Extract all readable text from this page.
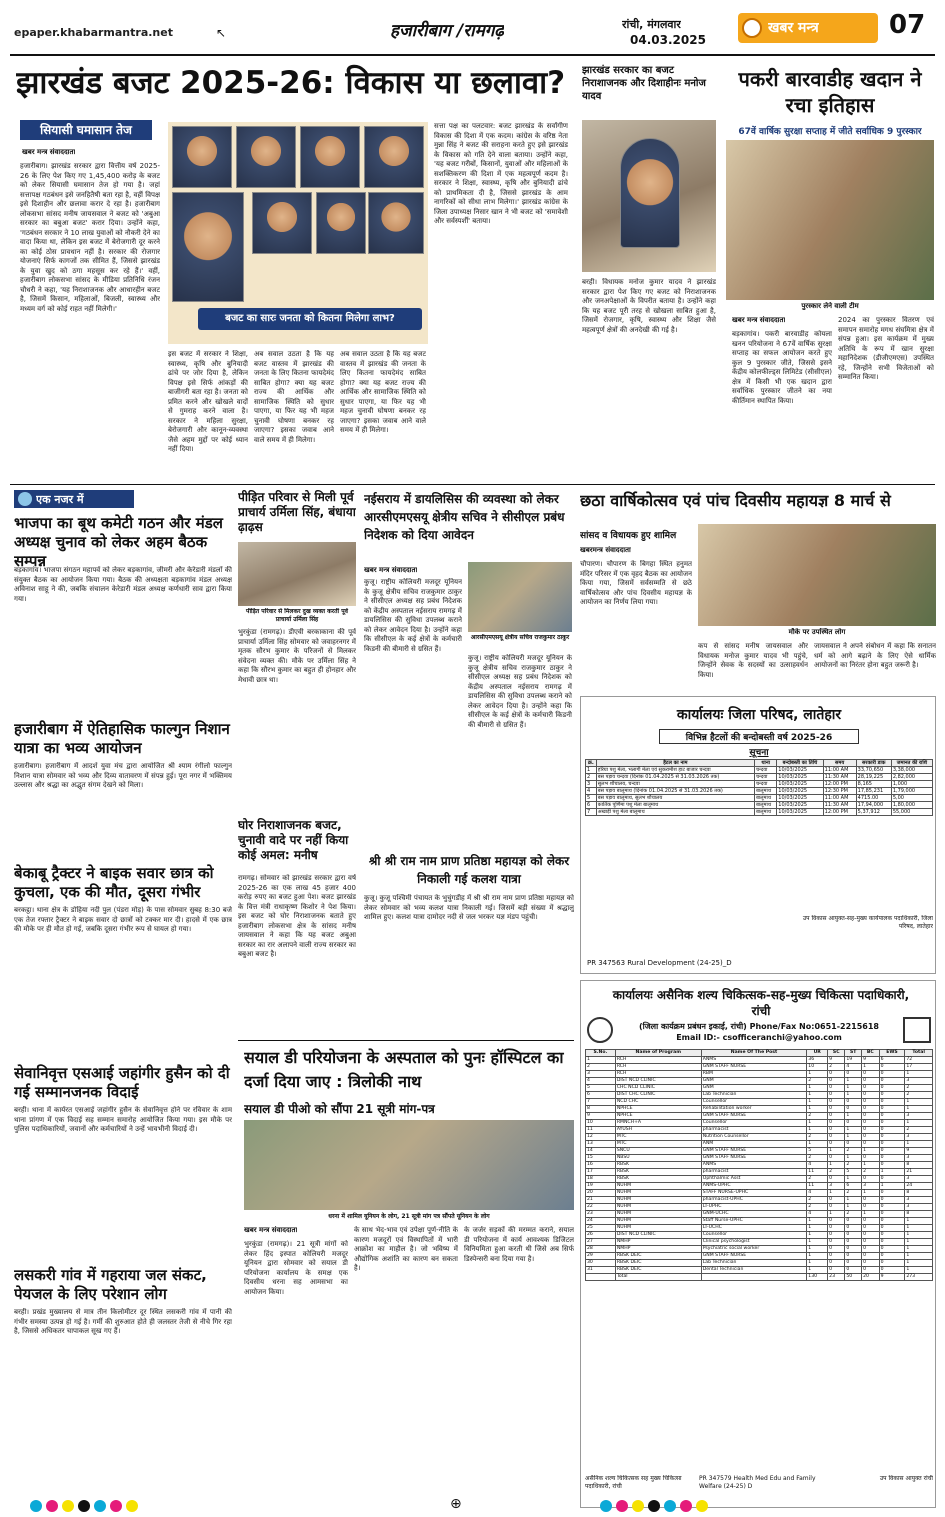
epaper.khabarmantra.net	↖	हजारीबाग /रामगढ़	रांची, मंगलवार
04.03.2025
खबर मन्त्र	07
झारखंड बजट 2025-26: विकास या छलावा?
सियासी घमासान तेज
खबर मन्त्र संवाददाता
हजारीबाग। झारखंड सरकार द्वारा वित्तीय वर्ष 2025-26 के लिए पेश किए गए 1,45,400 करोड़ के बजट को लेकर सियासी घमासान तेज हो गया है। जहां सत्तापक्ष गठबंधन इसे जनहितैषी बता रहा है, वहीं विपक्ष इसे दिशाहीन और छलावा करार दे रहा है। हजारीबाग लोकसभा सांसद मनीष जायसवाल ने बजट को 'अबुआ सरकार का बबुआ बजट' करार दिया। उन्होंने कहा, 'गठबंधन सरकार ने 10 लाख युवाओं को नौकरी देने का वादा किया था, लेकिन इस बजट में बेरोजगारी दूर करने का कोई ठोस प्रावधान नहीं है। सरकार की रोजगार योजनाएं सिर्फ कागजों तक सीमित हैं, जिससे झारखंड के युवा खुद को ठगा महसूस कर रहे हैं।' वहीं, हजारीबाग लोकसभा सांसद के मीडिया प्रतिनिधि रंजन चौधरी ने कहा, 'यह निराशाजनक और आधारहीन बजट है, जिसमें किसान, महिलाओं, बिजली, स्वास्थ्य और मध्यम वर्ग को कोई राहत नहीं मिलेगी।'
बजट का सारः जनता को कितना मिलेगा लाभ?
इस बजट में सरकार ने शिक्षा, स्वास्थ्य, कृषि और बुनियादी ढांचे पर जोर दिया है, लेकिन विपक्ष इसे सिर्फ आंकड़ों की बाजीगरी बता रहा है। जनता को प्रमित करने और खोखले वादों से गुमराह करने वाला है। सरकार ने महिला सुरक्षा, बेरोजगारी और कानून-व्यवस्था जैसे अहम मुद्दों पर कोई ध्यान नहीं दिया।
अब सवाल उठता है कि यह बजट वास्तव में झारखंड की जनता के लिए कितना फायदेमंद साबित होगा? क्या यह बजट राज्य की आर्थिक और सामाजिक स्थिति को सुधार पाएगा, या फिर यह भी महज चुनावी घोषणा बनकर रह जाएगा? इसका जवाब आने वाले समय में ही मिलेगा।
अब सवाल उठता है कि यह बजट वास्तव में झारखंड की जनता के लिए कितना फायदेमंद साबित होगा? क्या यह बजट राज्य की आर्थिक और सामाजिक स्थिति को सुधार पाएगा, या फिर यह भी महज चुनावी घोषणा बनकर रह जाएगा? इसका जवाब आने वाले समय में ही मिलेगा।
सत्ता पक्ष का पलटवार: बजट झारखंड के सर्वांगीण विकास की दिशा में एक कदम। कांग्रेस के वरिष्ठ नेता मुन्ना सिंह ने बजट की सराहना करते हुए इसे झारखंड के विकास को गति देने वाला बताया। उन्होंने कहा, 'यह बजट गरीबों, किसानों, युवाओं और महिलाओं के सशक्तिकरण की दिशा में एक महत्वपूर्ण कदम है। सरकार ने शिक्षा, स्वास्थ्य, कृषि और बुनियादी ढांचे को प्राथमिकता दी है, जिससे झारखंड के आम नागरिकों को सीधा लाभ मिलेगा।' झारखंड कांग्रेस के जिला उपाध्यक्ष निसार खान ने भी बजट को 'समावेशी और सर्वस्पर्शी' बताया।
झारखंड सरकार का बजट निराशाजनक और दिशाहीनः मनोज यादव
बरही। विधायक मनोज कुमार यादव ने झारखंड सरकार द्वारा पेश किए गए बजट को निराशाजनक और जनअपेक्षाओं के विपरीत बताया है। उन्होंने कहा कि यह बजट पूरी तरह से खोखला साबित हुआ है, जिसमें रोजगार, कृषि, स्वास्थ्य और शिक्षा जैसे महत्वपूर्ण क्षेत्रों की अनदेखी की गई है।
पकरी बारवाडीह खदान ने रचा इतिहास
67वें वार्षिक सुरक्षा सप्ताह में जीते सर्वाधिक 9 पुरस्कार
पुरस्कार लेने वाली टीम
खबर मन्त्र संवाददाता
बड़कागांव। पकरी बारवाडीह कोयला खनन परियोजना ने 67वें वार्षिक सुरक्षा सप्ताह का सफल आयोजन करते हुए कुल 9 पुरस्कार जीते, जिससे इसने केंद्रीय कोलफील्ड्स लिमिटेड (सीसीएल) क्षेत्र में किसी भी एक खदान द्वारा सर्वाधिक पुरस्कार जीतने का नया कीर्तिमान स्थापित किया।
2024 का पुरस्कार वितरण एवं समापन समारोह मगध संघमित्रा क्षेत्र में संपन्न हुआ। इस कार्यक्रम में मुख्य अतिथि के रूप में खान सुरक्षा महानिदेशक (डीजीएमएस) उपस्थित रहे, जिन्होंने सभी विजेताओं को सम्मानित किया।
एक नजर में
भाजपा का बूथ कमेटी गठन और मंडल अध्यक्ष चुनाव को लेकर अहम बैठक सम्पन्न
बड़कागांव। भाजपा संगठन महापर्व को लेकर बड़कागांव, जीमरी और केरेडारी मंडलों की संयुक्त बैठक का आयोजन किया गया। बैठक की अध्यक्षता बड़कागांव मंडल अध्यक्ष अविनाश साहू ने की, जबकि संचालन केरेडारी मंडल अध्यक्ष कर्णधारी साव द्वारा किया गया।
हजारीबाग में ऐतिहासिक फाल्गुन निशान यात्रा का भव्य आयोजन
हजारीबाग। हजारीबाग में आदर्श युवा मंच द्वारा आयोजित श्री श्याम रंगीलो फाल्गुन निशान यात्रा सोमवार को भव्य और दिव्य वातावरण में संपन्न हुई। पूरा नगर में भक्तिमय उल्लास और श्रद्धा का अद्भुत संगम देखने को मिला।
बेकाबू ट्रैक्टर ने बाइक सवार छात्र को कुचला, एक की मौत, दूसरा गंभीर
बरकट्ठा। थाना क्षेत्र के डोहिया नदी पुल (पंडरा मोड़) के पास सोमवार सुबह 8:30 बजे एक तेज रफ्तार ट्रैक्टर ने बाइक सवार दो छात्रों को टक्कर मार दी। हादसे में एक छात्र की मौके पर ही मौत हो गई, जबकि दूसरा गंभीर रूप से घायल हो गया।
सेवानिवृत्त एसआई जहांगीर हुसैन को दी गई सम्मानजनक विदाई
बरही। थाना में कार्यरत एसआई जहांगीर हुसैन के सेवानिवृत्त होने पर रविवार के शाम थाना प्रांगण में एक विदाई सह सम्मान समारोह आयोजित किया गया। इस मौके पर पुलिस पदाधिकारियों, जवानों और कर्मचारियों ने उन्हें भावभीनी विदाई दी।
लसकरी गांव में गहराया जल संकट, पेयजल के लिए परेशान लोग
बरही। प्रखंड मुख्यालय से मात्र तीन किलोमीटर दूर स्थित लसकरी गांव में पानी की गंभीर समस्या उत्पन्न हो गई है। गर्मी की शुरुआत होते ही जलस्तर तेजी से नीचे गिर रहा है, जिससे अधिकतर चापाकल सूख गए हैं।
पीड़ित परिवार से मिली पूर्व प्राचार्य उर्मिला सिंह, बंधाया ढ़ाढ़स
पीड़ित परिवार से मिलकर दुख व्यक्त करतीं पूर्व प्राचार्या उर्मिला सिंह
भुरकुंडा (रामगढ़)। डीएवी बरकाकाना की पूर्व प्राचार्या उर्मिला सिंह सोमवार को जवाहरनगर में मृतक सौरभ कुमार के परिजनों से मिलकर संवेदना व्यक्त की। मौके पर उर्मिला सिंह ने कहा कि सौरभ कुमार का बहुत ही होनहार और मेधावी छात्र था।
घोर निराशाजनक बजट, चुनावी वादे पर नहीं किया कोई अमल: मनीष
रामगढ़। सोमवार को झारखंड सरकार द्वारा वर्ष 2025-26 का एक लाख 45 हजार 400 करोड़ रुपए का बजट हुआ पेश। बजट झारखंड के वित्त मंत्री राधाकृष्ण किशोर ने पेश किया। इस बजट को घोर निराशाजनक बताते हुए हजारीबाग लोकसभा क्षेत्र के सांसद मनीष जायसवाल ने कहा कि यह बजट अबुआ सरकार का रार अलापने वाली राज्य सरकार का बबुआ बजट है।
नईसराय में डायलिसिस की व्यवस्था को लेकर आरसीएमएसयू क्षेत्रीय सचिव ने सीसीएल प्रबंध निदेशक को दिया आवेदन
खबर मन्त्र संवाददाता
कुजू। राष्ट्रीय कोलियरी मजदूर यूनियन के कुजू क्षेत्रीय सचिव राजकुमार ठाकुर ने सीसीएल अध्यक्ष सह प्रबंध निदेशक को केंद्रीय अस्पताल नईसराय रामगढ़ में डायलिसिस की सुविधा उपलब्ध कराने को लेकर आवेदन दिया है। उन्होंने कहा कि सीसीएल के कई क्षेत्रों के कर्मचारी किडनी की बीमारी से ग्रसित हैं।
आरसीएमएसयू क्षेत्रीय सचिव राजकुमार ठाकुर
कुजू। राष्ट्रीय कोलियरी मजदूर यूनियन के कुजू क्षेत्रीय सचिव राजकुमार ठाकुर ने सीसीएल अध्यक्ष सह प्रबंध निदेशक को केंद्रीय अस्पताल नईसराय रामगढ़ में डायलिसिस की सुविधा उपलब्ध कराने को लेकर आवेदन दिया है। उन्होंने कहा कि सीसीएल के कई क्षेत्रों के कर्मचारी किडनी की बीमारी से ग्रसित हैं।
श्री श्री राम नाम प्राण प्रतिष्ठा महायज्ञ को लेकर निकाली गई कलश यात्रा
कुजू। कुजू पश्चिमी पंचायत के भुचुंगडीह में श्री श्री राम नाम प्राण प्रतिष्ठा महायज्ञ को लेकर सोमवार को भव्य कलश यात्रा निकाली गई। जिसमें बड़ी संख्या में श्रद्धालु शामिल हुए। कलश यात्रा दामोदर नदी से जल भरकर यज्ञ मंडप पहुंची।
छठा वार्षिकोत्सव एवं पांच दिवसीय महायज्ञ 8 मार्च से
सांसद व विधायक हुए शामिल
खबरमन्त्र संवाददाता
चौपारण। चौपारण के बिगहा स्थित हनुमत मंदिर परिसर में एक वृहद बैठक का आयोजन किया गया, जिसमें सर्वसम्मति से छठे वार्षिकोत्सव और पांच दिवसीय महायज्ञ के आयोजन का निर्णय लिया गया।
मौके पर उपस्थित लोग
कप से सांसद मनीष जायसवाल और विधायक मनोज कुमार यादव भी पहुंचे, जिन्होंने सेवक के सदस्यों का उत्साहवर्धन किया।
जायसवाल ने अपने संबोधन में कहा कि सनातन धर्म को आगे बढ़ाने के लिए ऐसे धार्मिक आयोजनों का निरंतर होना बहुत जरूरी है।
कार्यालयः जिला परिषद, लातेहार
विभिन्न हैटलों की बन्दोबस्ती वर्ष 2025-26
सूचना
क्र.	हैटल का नाम	थाना	बन्दोबस्ती का तिथि	समय	सरकारी डाक	जमानत की राशि
1	हरिया पशु मेला, भलागी मेला एवं सुकरामीश हाट बाजार चन्दवा	चन्दवा	10/03/2025	11:00 AM	33,70,650	3,38,000
2	बस पड़ाव चन्दवा (दिनांक 01.04.2025 से 31.03.2026 तक)	चन्दवा	10/03/2025	11:30 AM	28,19,225	2,82,000
3	सुलभ शौचालय, चन्दवा	चन्दवा	10/03/2025	12:00 PM	8,165	1,000
4	बस पड़ाव बालूमाथ (दिनांक 01.04.2025 से 31.03.2026 तक)	बालूमाथ	10/03/2025	12:30 PM	17,85,231	1,79,000
5	बस पड़ाव बालूमाथ, सुलभ शौचालय	बालूमाथ	10/03/2025	11:00 AM	4715.00	5,00
6	कार्तिक पूर्णिमा पशु मेला बालूमाथ	बालूमाथ	10/03/2025	11:30 AM	17,94,000	1,80,000
7	अखाड़ी पशु मेला बालूमाथ	बालूमाथ	10/03/2025	12:00 PM	5,37,912	55,000
उप विकास आयुक्त-सह-मुख्य कार्यपालक पदाधिकारी, जिला परिषद, लातेहार
PR 347563 Rural Development (24-25)_D
कार्यालयः असैनिक शल्य चिकित्सक-सह-मुख्य चिकित्सा पदाधिकारी, रांची
(जिला कार्यक्रम प्रबंधन इकाई, रांची) Phone/Fax No:0651-2215618
Email ID:- csofficeranchi@yahoo.com
S.No.	Name of Program	Name Of The Post	UR	SC	ST	BC	EWS	Total
1	RCH	ANMS	36	9	19	9	6	72
2	RCH	GNM STAFF NURSE	10	2	4	1	0	17
3	RCH	RBM	1	0	0	0	0	1
4	DIST NCD CLINIC	GNM	2	0	1	0	0	3
5	CHC NCD CLINIC	GNM	1	0	1	0	0	2
6	DIST CHC CLINIC	Lab Technician	1	0	1	0	0	2
7	NCD CHC	Counsellor	1	0	0	0	0	1
8	NPHCE	Rehabilitation worker	1	0	0	0	0	1
9	NPHCE	GNM STAFF NURSE	2	0	1	0	0	3
10	RMNCH+A	Counsellor	1	0	0	0	0	1
11	AYUSH	pharmacist	1	0	1	0	0	2
12	MTC	Nutrition Counsellor	2	0	1	0	0	3
13	MTC	ANM	1	0	0	0	0	1
14	SNCU	GNM STAFF NURSE	5	1	2	1	0	9
15	NBSU	GNM STAFF NURSE	2	0	1	0	0	3
16	RBSK	ANMS	4	1	2	1	0	8
17	RBSK	pharmacist	11	2	5	2	1	21
18	RBSK	Ophthalmic Asst	2	0	1	0	0	3
19	NUHM	ANMS-UPHC	11	3	6	3	1	24
20	NUHM	STAFF NURSE-UPHC	4	1	2	1	0	8
21	NUHM	pharmacist-UPHC	2	0	1	0	0	3
22	NUHM	LT-UPHC	2	0	1	0	0	3
23	NUHM	GNM-UCHC	4	1	2	1	0	8
24	NUHM	Staff Nurse-UPHC	1	0	0	0	0	1
25	NUHM	LT-UCHC	1	0	0	0	0	1
26	DIST NCD CLINIC	Counsellor	1	0	0	0	0	1
27	NMHP	Clinical psychologist	1	0	0	0	0	1
28	NMHP	Psychiatric social worker	1	0	0	0	0	1
29	RBSK DEIC	GNM STAFF NURSE	1	0	0	0	0	1
30	RBSK DEIC	Lab Technician	1	0	0	0	0	1
31	RBSK DEIC	Dental Technician	1	0	0	0	0	1
	Total		130	23	50	20	9	273
असैनिक शल्य चिकित्सक सह मुख्य चिकित्सा पदाधिकारी, रांची
PR 347579 Health Med Edu and Family Welfare (24-25) D
उप विकास आयुक्त रांची
सयाल डी परियोजना के अस्पताल को पुनः हॉस्पिटल का दर्जा दिया जाए : त्रिलोकी नाथ
सयाल डी पीओ को सौंपा 21 सूत्री मांग-पत्र
धरना में शामिल यूनियन के लोग, 21 सूत्री मांग पत्र सौंपते यूनियन के लोग
खबर मन्त्र संवाददाता
भुरकुंडा (रामगढ़)। 21 सूत्री मांगों को लेकर हिंद इस्पात कोलियरी मजदूर यूनियन द्वारा सोमवार को सयाल डी परियोजना कार्यालय के समक्ष एक दिवसीय धरना सह आमसभा का आयोजन किया।
के साथ भेद-भाव एवं उपेक्षा पूर्ण-नीति के कारण मजदूरों एवं विस्थापितों में भारी आक्रोश का माहौल है। जो भविष्य में औद्योगिक अशांति का कारण बन सकता है।
के जर्जर सड़कों की मरम्मत कराने, सयाल डी परियोजना में कार्य आवश्यक डिजिटल विनियमिता हुआ करती थी जिसे अब सिर्फ डिस्पेन्सरी बना दिया गया है।
⊕
